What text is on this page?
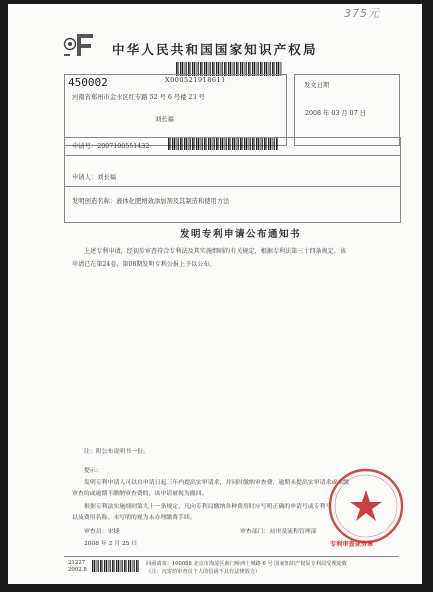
中华人民共和国国家知识产权局
375元
X000521918611
450002
河南省郑州市金水区红专路 52 号 6 号楼 23 号
刘长福
发文日期
2008 年 03 月 07 日
申请号：2007100551432
申请人：刘长福
发明创造名称：液体化肥增效添加剂及其制造和使用方法
发明专利申请公布通知书
上述专利申请，经初步审查符合专利法及其实施细则的有关规定，根据专利法第三十四条规定，该
申请已在第24卷，第08期发明专利公报上予以公布。
注：附公布说明书一份。
提示：
发明专利申请人可以自申请日起三年内提出实审请求，并同时缴纳审查费，逾期未提出实审请求或未缴
审查的或逾期不缴纳审查费的，该申请被视为撤回。
根据专利法实施细则第九十一条规定，凡向专利局缴纳各种费用时应写明正确的申请号或专利号
以及费用名称。未写明的视为未办理缴费手续。
审查员：宋捷
2008 年 2 月 25 日
审查部门：初审及流程管理部
专利审查业务章
21227
2002.8
回函请寄：100088 北京市海淀区蓟门桥西土城路 6 号 国家知识产权局专利局受理处收
（注：凡寄给审查员个人的信函不具有法律效力）
